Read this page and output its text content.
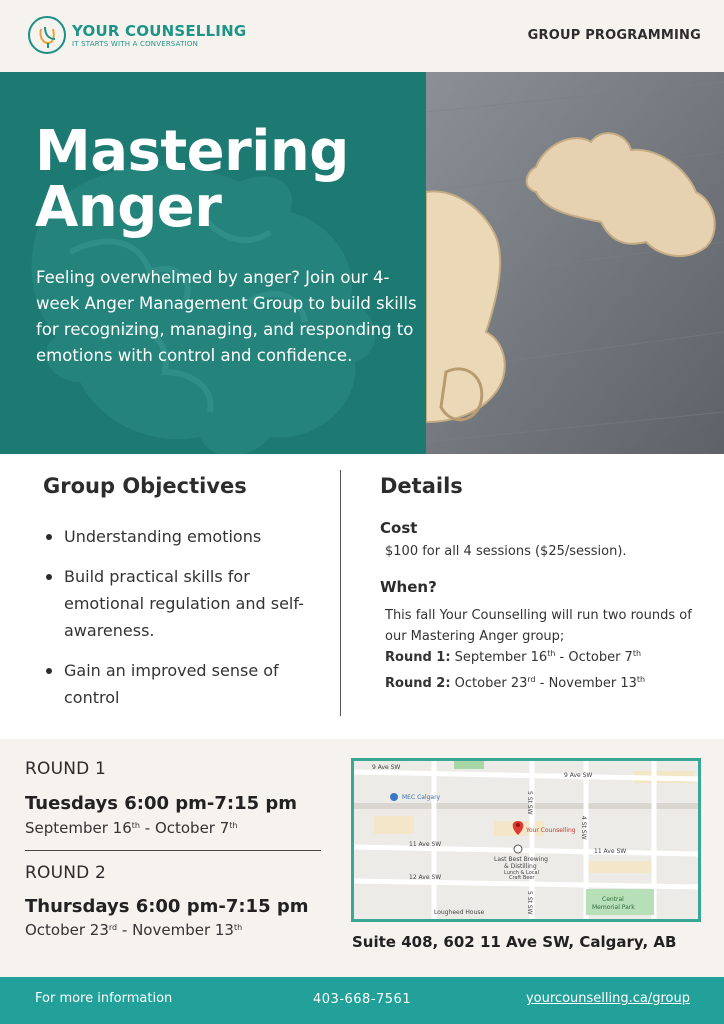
YOUR COUNSELLING
IT STARTS WITH A CONVERSATION
GROUP PROGRAMMING
Mastering
Anger
Feeling overwhelmed by anger? Join our 4-week Anger Management Group to build skills for recognizing, managing, and responding to emotions with control and confidence.
Group Objectives
Understanding emotions
Build practical skills for emotional regulation and self-awareness.
Gain an improved sense of control
Details
Cost
$100 for all 4 sessions ($25/session).
When?
This fall Your Counselling will run two rounds of our Mastering Anger group;
Round 1: September 16th - October 7th
Round 2: October 23rd - November 13th
ROUND 1
Tuesdays 6:00 pm-7:15 pm
September 16th - October 7th
ROUND 2
Thursdays 6:00 pm-7:15 pm
October 23rd - November 13th
9 Ave SW
9 Ave SW
11 Ave SW
11 Ave SW
12 Ave SW
5 St SW
4 St SW
5 St SW
MEC Calgary
Your Counselling
Last Best Brewing
& Distilling
Lunch & Local
Craft Beer
Central
Memorial Park
Lougheed House
Suite 408, 602 11 Ave SW, Calgary, AB
For more information	403-668-7561	yourcounselling.ca/group
